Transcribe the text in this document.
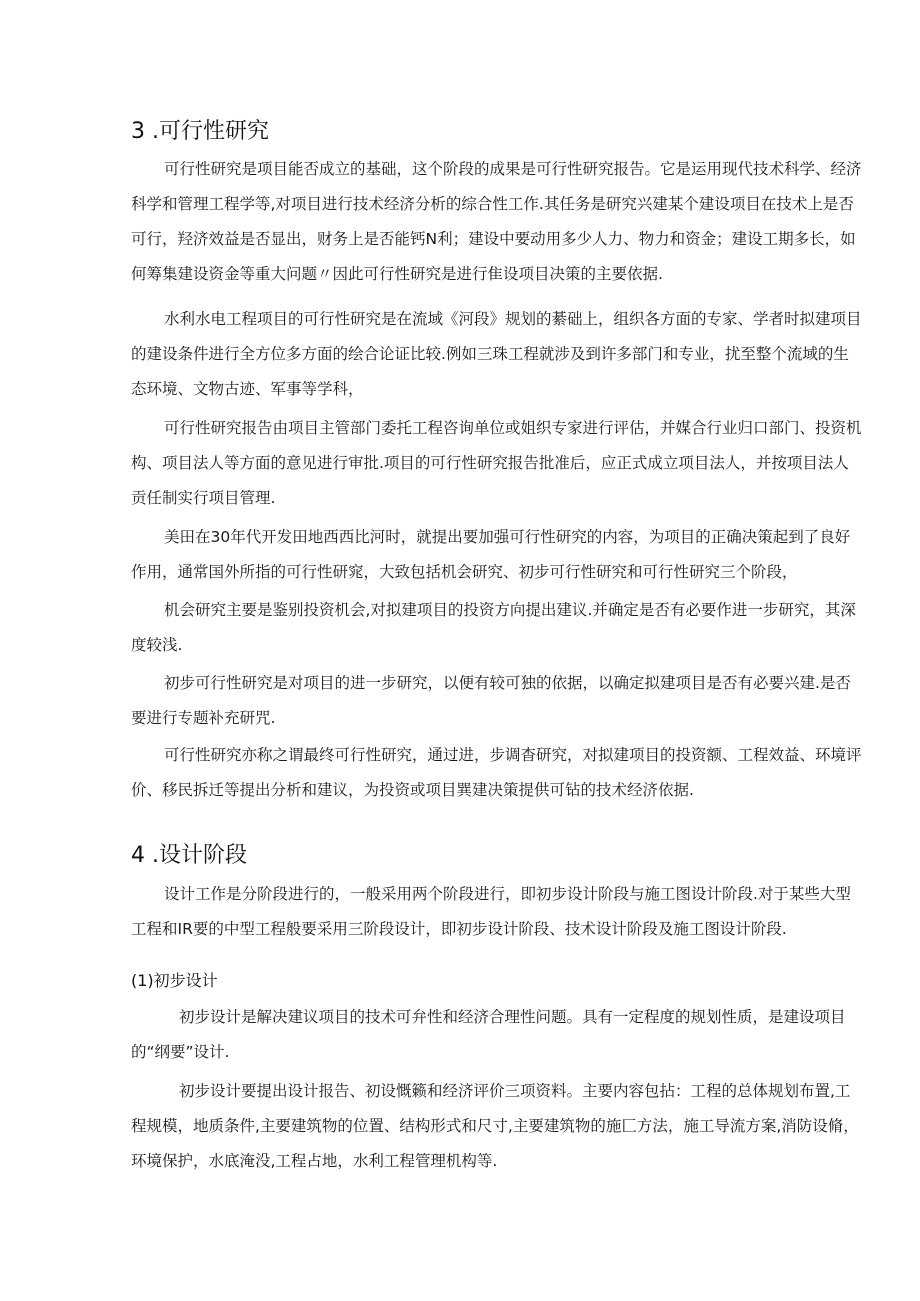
3 .可行性研究
可行性研究是项目能否成立的基础，这个阶段的成果是可行性研究报告。它是运用现代技术科学、经济
科学和管理工程学等,对项目进行技术经济分析的综合性工作.其任务是研究兴建某个建设项目在技术上是否
可行，羟济效益是否显出，财务上是否能钙N利；建设中要动用多少人力、物力和资金；建设工期多长，如
何筹集建设资金等重大问题〃因此可行性研究是进行隹设项目决策的主要依据.
水利水电工程项目的可行性研究是在流域《河段》规划的綦础上，组织各方面的专家、学者时拟建项目
的建设条件进行全方位多方面的绘合论证比较.例如三珠工程就涉及到许多部门和专业，扰至整个流域的生
态环境、文物古迹、军事等学科，
可行性研究报告由项目主管部门委托工程咨询单位或姐织专家进行评估，并媒合行业归口部门、投资机
构、项目法人等方面的意见进行审批.项目的可行性研究报告批准后，应正式成立项目法人，并按项目法人
贡任制实行项目管理.
美田在30年代开发田地西西比河时，就提出要加强可行性研究的内容，为项目的正确决策起到了良好
作用，通常国外所指的可行性研窕，大致包括机会研究、初步可行性研究和可行性研究三个阶段，
机会研究主要是鉴别投资机会,对拟建项目的投资方向提出建议.并确定是否有必要作进一步研究，其深
度较浅.
初步可行性研究是对项目的进一步研究，以便有较可独的依据，以确定拟建项目是否有必要兴建.是否
要进行专题补充研咒.
可行性研究亦称之谓最终可行性研究，通过进，步调杳研究，对拟建项目的投资额、工程效益、环境评
价、移民拆迁等提出分析和建议，为投资或项目巽建决策提供可钻的技术经济依据.
4 .设计阶段
设计工作是分阶段进行的，一般采用两个阶段进行，即初步设计阶段与施工图设计阶段.对于某些大型
工程和IR要的中型工程般要采用三阶段设计，即初步设计阶段、技术设计阶段及施工图设计阶段.
(1)初步设计
初步设计是解决建议项目的技术可弁性和经济合理性问题。具有一定程度的规划性质，是建设项目
的“纲要”设计.
初步设计要提出设计报告、初设慨籁和经济评价三项资料。主要内容包拈：工程的总体规划布置,工
程规模，地质条件,主要建筑物的位置、结构形式和尺寸,主要建筑物的施匚方法，施工导流方案,消防设脩，
环境保护，水底淹没,工程占地，水利工程管理机构等.
